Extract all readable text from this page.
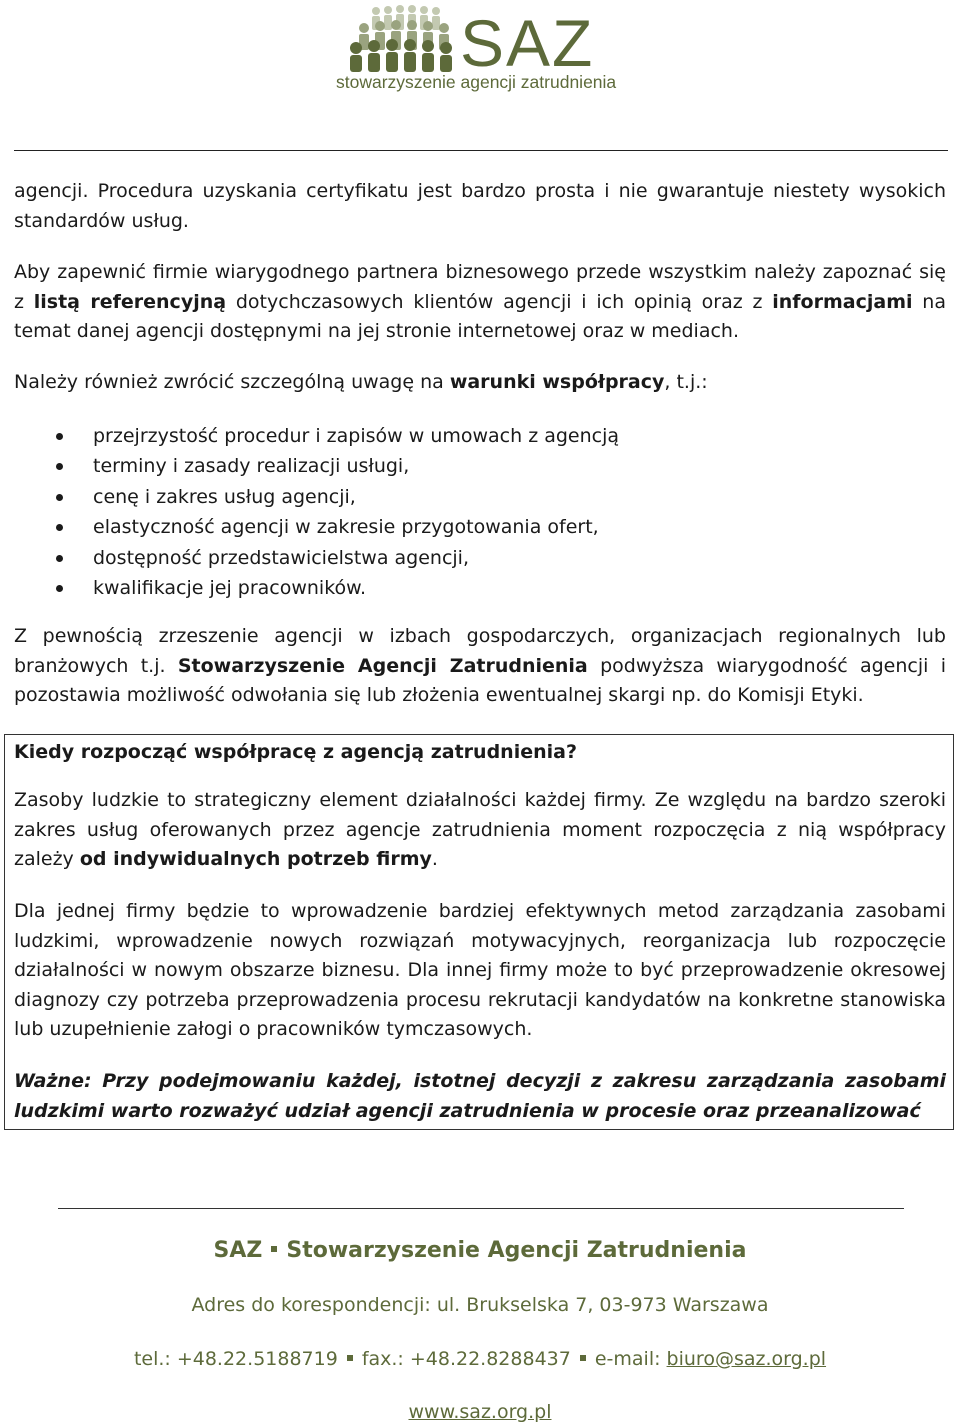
SAZ
stowarzyszenie agencji zatrudnienia

agencji. Procedura uzyskania certyfikatu jest bardzo prosta i nie gwarantuje niestety wysokich standardów usług.

Aby zapewnić firmie wiarygodnego partnera biznesowego przede wszystkim należy zapoznać się z listą referencyjną dotychczasowych klientów agencji i ich opinią oraz z informacjami na temat danej agencji dostępnymi na jej stronie internetowej oraz w mediach.

Należy również zwrócić szczególną uwagę na warunki współpracy, t.j.:

przejrzystość procedur i zapisów w umowach z agencją
terminy i zasady realizacji usługi,
cenę i zakres usług agencji,
elastyczność agencji w zakresie przygotowania ofert,
dostępność przedstawicielstwa agencji,
kwalifikacje jej pracowników.

Z pewnością zrzeszenie agencji w izbach gospodarczych, organizacjach regionalnych lub branżowych t.j. Stowarzyszenie Agencji Zatrudnienia podwyższa wiarygodność agencji i pozostawia możliwość odwołania się lub złożenia ewentualnej skargi np. do Komisji Etyki.

Kiedy rozpocząć współpracę z agencją zatrudnienia?

Zasoby ludzkie to strategiczny element działalności każdej firmy. Ze względu na bardzo szeroki zakres usług oferowanych przez agencje zatrudnienia moment rozpoczęcia z nią współpracy zależy od indywidualnych potrzeb firmy.

Dla jednej firmy będzie to wprowadzenie bardziej efektywnych metod zarządzania zasobami ludzkimi, wprowadzenie nowych rozwiązań motywacyjnych, reorganizacja lub rozpoczęcie działalności w nowym obszarze biznesu. Dla innej firmy może to być przeprowadzenie okresowej diagnozy czy potrzeba przeprowadzenia procesu rekrutacji kandydatów na konkretne stanowiska lub uzupełnienie załogi o pracowników tymczasowych.

Ważne: Przy podejmowaniu każdej, istotnej decyzji z zakresu zarządzania zasobami ludzkimi warto rozważyć udział agencji zatrudnienia w procesie oraz przeanalizować

SAZ Stowarzyszenie Agencji Zatrudnienia

Adres do korespondencji: ul. Brukselska 7, 03-973 Warszawa

tel.: +48.22.5188719 fax.: +48.22.8288437 e-mail: biuro@saz.org.pl

www.saz.org.pl
